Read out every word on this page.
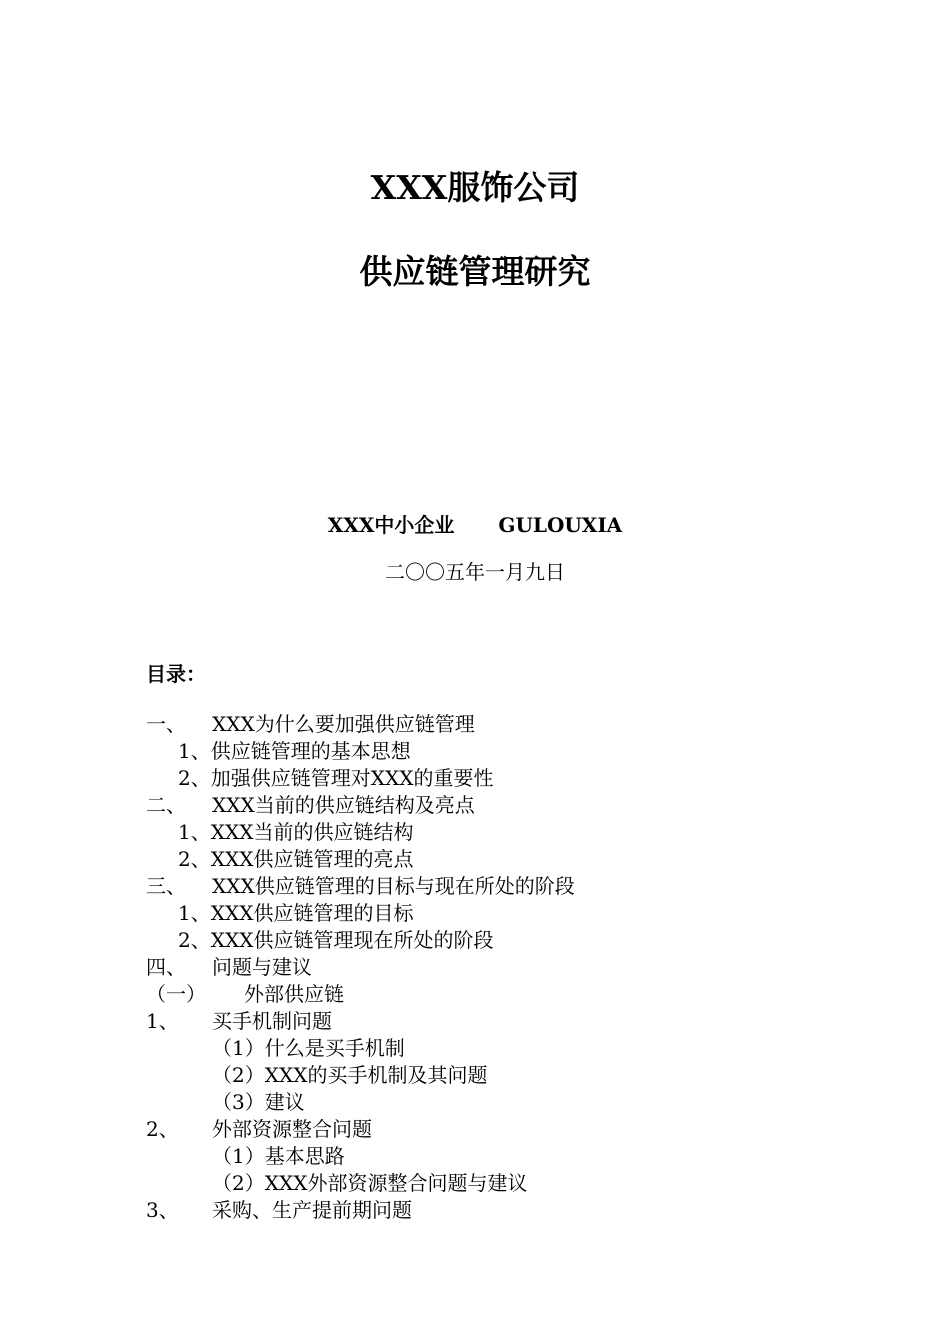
XXX服饰公司
供应链管理研究
XXX中小企业 GULOUXIA
二〇〇五年一月九日
目录：
一、 XXX为什么要加强供应链管理
1、供应链管理的基本思想
2、加强供应链管理对XXX的重要性
二、 XXX当前的供应链结构及亮点
1、XXX当前的供应链结构
2、XXX供应链管理的亮点
三、 XXX供应链管理的目标与现在所处的阶段
1、XXX供应链管理的目标
2、XXX供应链管理现在所处的阶段
四、 问题与建议
（一） 外部供应链
1、 买手机制问题
（1）什么是买手机制
（2）XXX的买手机制及其问题
（3）建议
2、 外部资源整合问题
（1）基本思路
（2）XXX外部资源整合问题与建议
3、 采购、生产提前期问题
